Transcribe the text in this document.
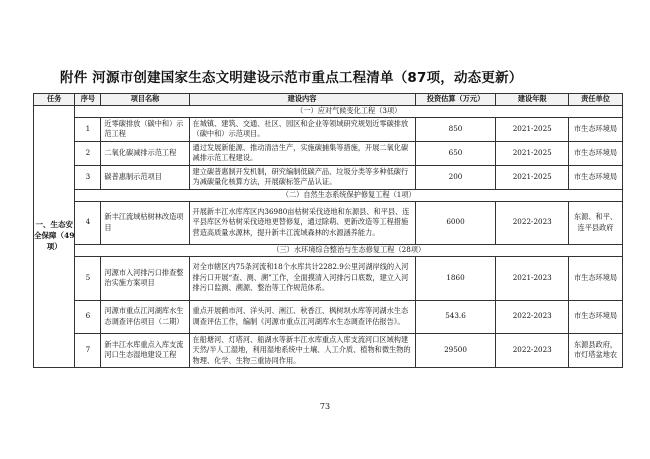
附件 河源市创建国家生态文明建设示范市重点工程清单（87项，动态更新）
任务	序号	项目名称	建设内容	投资估算（万元）	建设年限	责任单位
一、生态安全保障（49项）	（一）应对气候变化工程（3项）					
	1	近零碳排放（碳中和）示范工程	在城镇、建筑、交通、社区、园区和企业等领域研究规划近零碳排放（碳中和）示范项目。	850	2021-2025	市生态环境局
	2	二氧化碳减排示范工程	通过发展新能源、推动清洁生产，实施碳捕集等措施，开展二氧化碳减排示范工程建设。	650	2021-2025	市生态环境局
	3	碳普惠制示范项目	建立碳普惠制开发机制，研究编制低碳产品、垃圾分类等多种低碳行为减碳量化核算方法，开展碳标签产品认证。	200	2021-2025	市生态环境局
	（二）自然生态系统保护修复工程（1项）					
	4	新丰江流域枯树林改造项目	开展新丰江水库库区内36980亩枯树采伐迹地和东源县、和平县、连平县库区外枯树采伐迹地更替修复，通过除萌、更新改造等工程措施营造高质量水源林，提升新丰江流域森林的水源涵养能力。	6000	2022-2023	东源、和平、连平县政府
	（三）水环境综合整治与生态修复工程（28项）					
	5	河源市入河排污口排查整治实施方案项目	对全市辖区内75条河流和18个水库共计2282.9公里河湖岸线的入河排污口开展“查、测、溯”工作，全面摸清入河排污口底数，建立入河排污口监测、溯源、整治等工作规范体系。	1860	2021-2023	市生态环境局
	6	河源市重点江河湖库水生态调查评估项目（二期）	重点开展鹤市河、洋头河、浰江、秋香江、枫树坝水库等河湖水生态调查评估工作，编制《河源市重点江河湖库水生态调查评估报告》。	543.6	2022-2023	市生态环境局
	7	新丰江水库重点入库支流河口生态湿地建设工程	在船塘河、灯塔河、船湖水等新丰江水库重点入库支流河口区域构建天然/半人工湿地，利用湿地系统中土壤、人工介质、植物和微生物的物理、化学、生物三重协同作用。	29500	2022-2023	东源县政府，市灯塔盆地农
73
